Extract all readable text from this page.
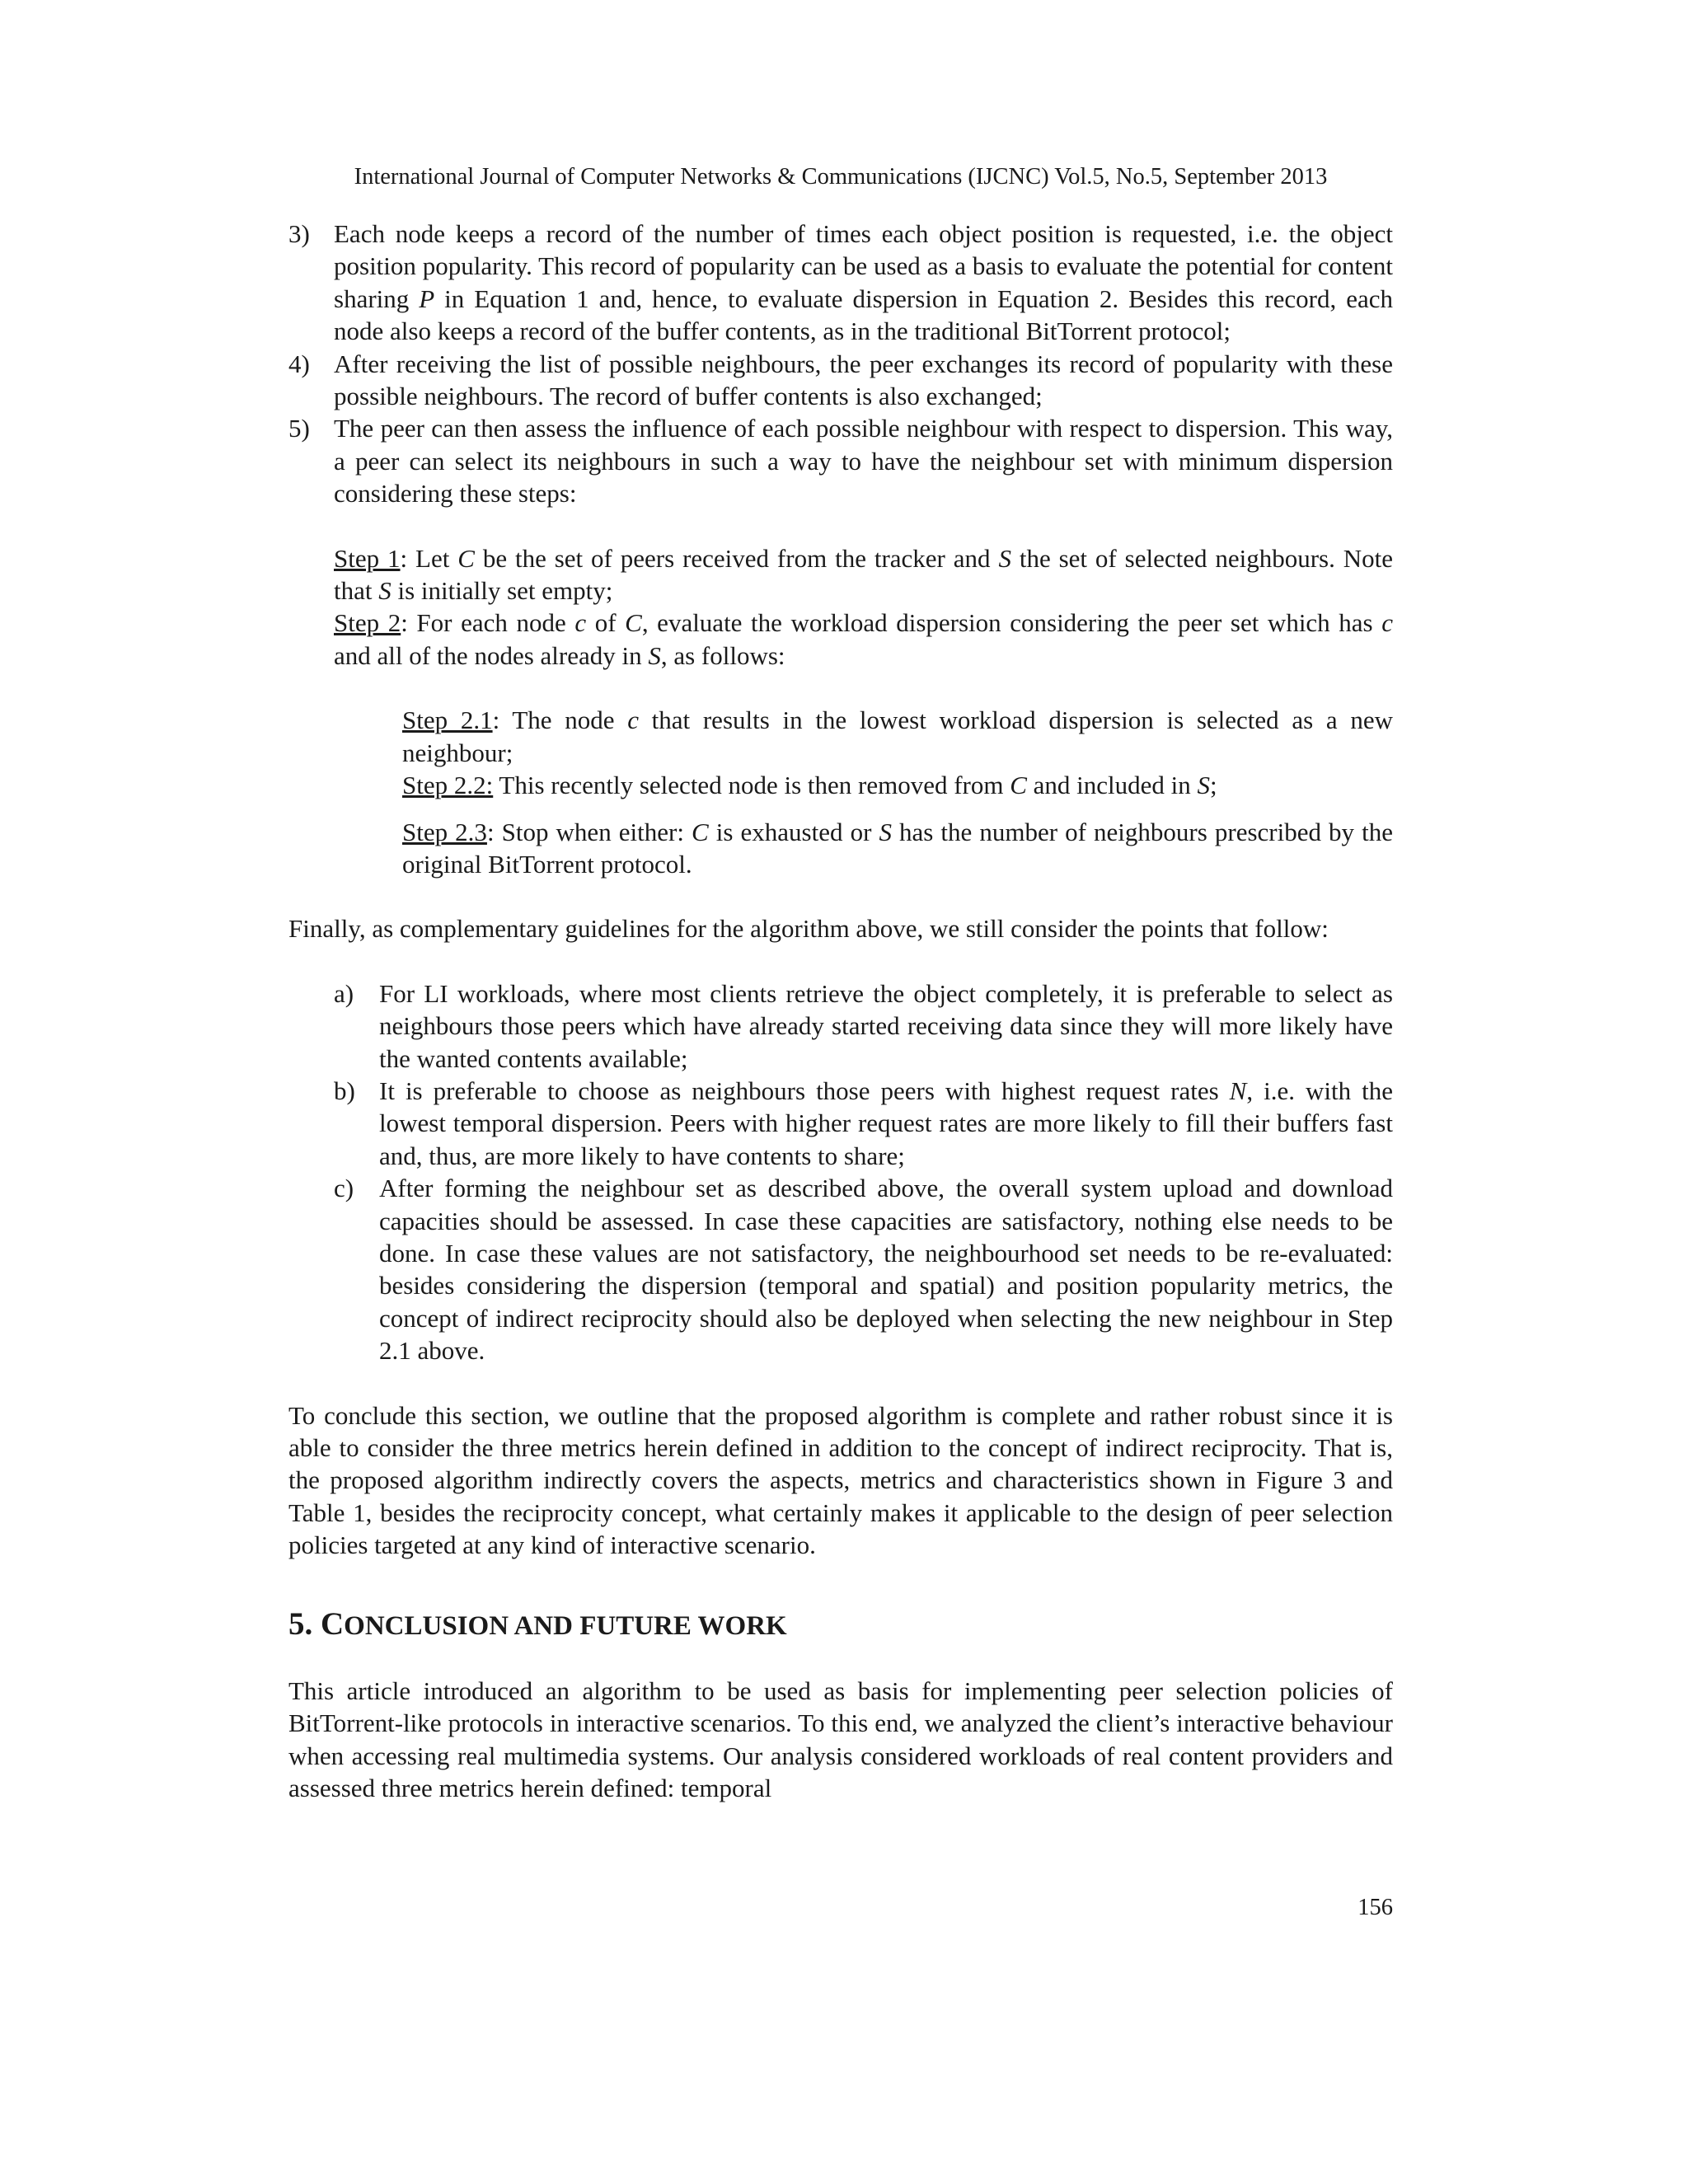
International Journal of Computer Networks & Communications (IJCNC) Vol.5, No.5, September 2013
3) Each node keeps a record of the number of times each object position is requested, i.e. the object position popularity. This record of popularity can be used as a basis to evaluate the potential for content sharing P in Equation 1 and, hence, to evaluate dispersion in Equation 2. Besides this record, each node also keeps a record of the buffer contents, as in the traditional BitTorrent protocol;
4) After receiving the list of possible neighbours, the peer exchanges its record of popularity with these possible neighbours. The record of buffer contents is also exchanged;
5) The peer can then assess the influence of each possible neighbour with respect to dispersion. This way, a peer can select its neighbours in such a way to have the neighbour set with minimum dispersion considering these steps:

Step 1: Let C be the set of peers received from the tracker and S the set of selected neighbours. Note that S is initially set empty;

Step 2: For each node c of C, evaluate the workload dispersion considering the peer set which has c and all of the nodes already in S, as follows:

Step 2.1: The node c that results in the lowest workload dispersion is selected as a new neighbour;

Step 2.2: This recently selected node is then removed from C and included in S;

Step 2.3: Stop when either: C is exhausted or S has the number of neighbours prescribed by the original BitTorrent protocol.

Finally, as complementary guidelines for the algorithm above, we still consider the points that follow:

a) For LI workloads, where most clients retrieve the object completely, it is preferable to select as neighbours those peers which have already started receiving data since they will more likely have the wanted contents available;
b) It is preferable to choose as neighbours those peers with highest request rates N, i.e. with the lowest temporal dispersion. Peers with higher request rates are more likely to fill their buffers fast and, thus, are more likely to have contents to share;
c) After forming the neighbour set as described above, the overall system upload and download capacities should be assessed. In case these capacities are satisfactory, nothing else needs to be done. In case these values are not satisfactory, the neighbourhood set needs to be re-evaluated: besides considering the dispersion (temporal and spatial) and position popularity metrics, the concept of indirect reciprocity should also be deployed when selecting the new neighbour in Step 2.1 above.

To conclude this section, we outline that the proposed algorithm is complete and rather robust since it is able to consider the three metrics herein defined in addition to the concept of indirect reciprocity. That is, the proposed algorithm indirectly covers the aspects, metrics and characteristics shown in Figure 3 and Table 1, besides the reciprocity concept, what certainly makes it applicable to the design of peer selection policies targeted at any kind of interactive scenario.

5. CONCLUSION AND FUTURE WORK

This article introduced an algorithm to be used as basis for implementing peer selection policies of BitTorrent-like protocols in interactive scenarios. To this end, we analyzed the client’s interactive behaviour when accessing real multimedia systems. Our analysis considered workloads of real content providers and assessed three metrics herein defined: temporal

156
